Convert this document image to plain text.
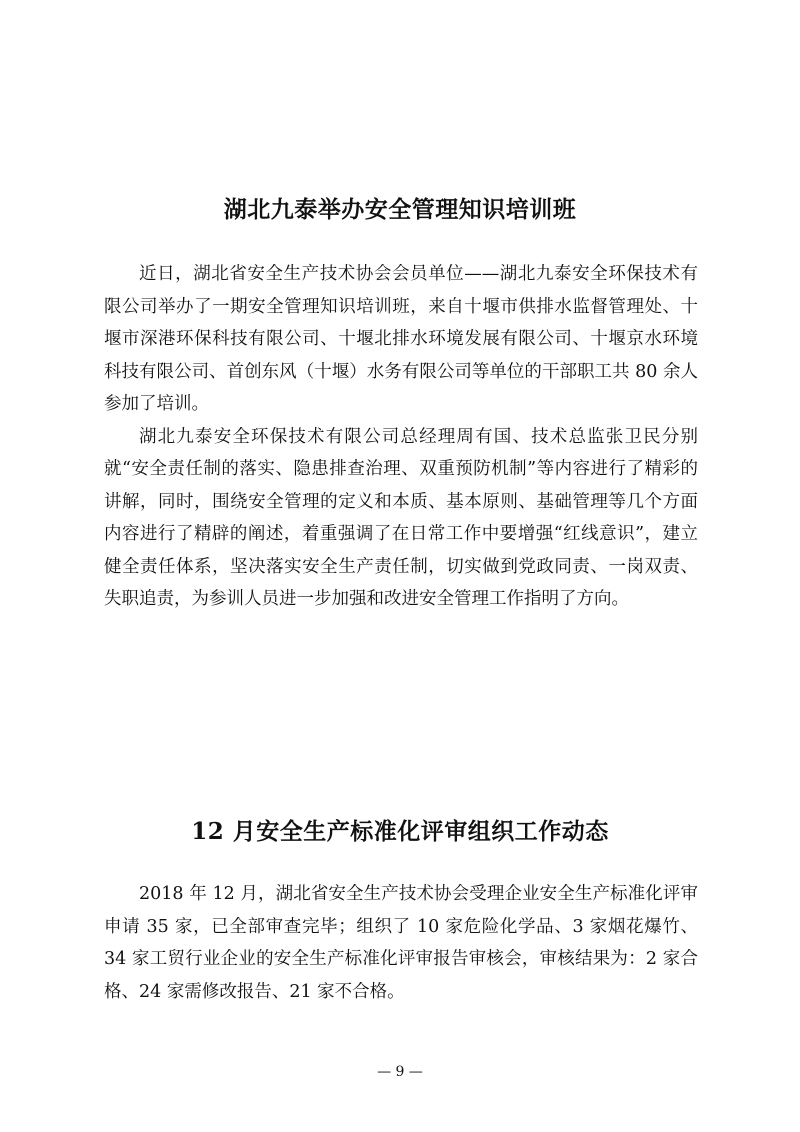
湖北九泰举办安全管理知识培训班

近日，湖北省安全生产技术协会会员单位——湖北九泰安全环保技术有限公司举办了一期安全管理知识培训班，来自十堰市供排水监督管理处、十堰市深港环保科技有限公司、十堰北排水环境发展有限公司、十堰京水环境科技有限公司、首创东风（十堰）水务有限公司等单位的干部职工共 80 余人参加了培训。

湖北九泰安全环保技术有限公司总经理周有国、技术总监张卫民分别就“安全责任制的落实、隐患排查治理、双重预防机制”等内容进行了精彩的讲解，同时，围绕安全管理的定义和本质、基本原则、基础管理等几个方面内容进行了精辟的阐述，着重强调了在日常工作中要增强“红线意识”，建立健全责任体系，坚决落实安全生产责任制，切实做到党政同责、一岗双责、失职追责，为参训人员进一步加强和改进安全管理工作指明了方向。

12 月安全生产标准化评审组织工作动态

2018 年 12 月，湖北省安全生产技术协会受理企业安全生产标准化评审申请 35 家，已全部审查完毕；组织了 10 家危险化学品、3 家烟花爆竹、34 家工贸行业企业的安全生产标准化评审报告审核会，审核结果为：2 家合格、24 家需修改报告、21 家不合格。

— 9 —
